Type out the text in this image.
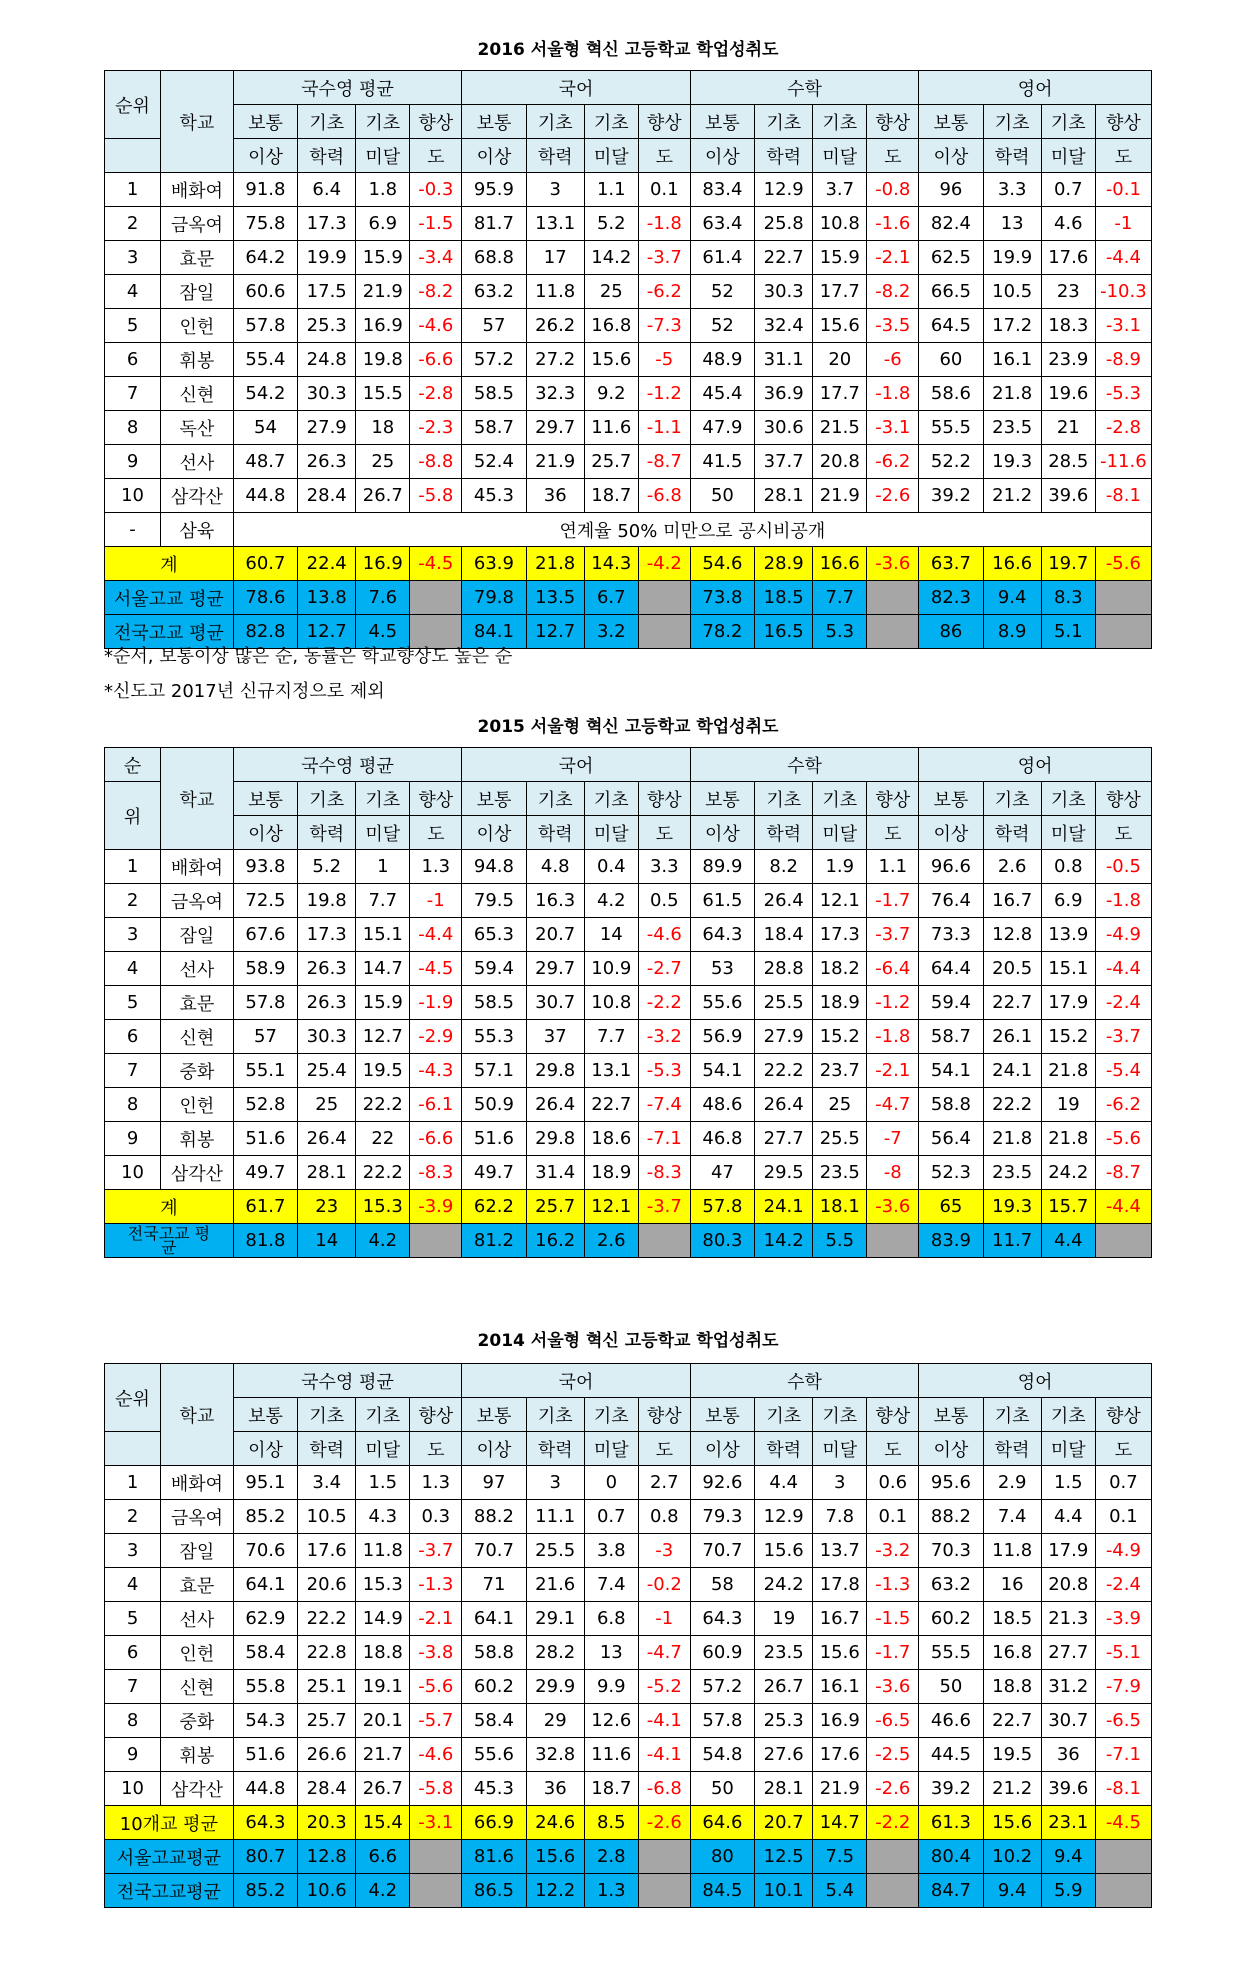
2016 서울형 혁신 고등학교 학업성취도
순위	학교	국수영 평균				국어				수학				영어			
		보통	기초	기초	향상	보통	기초	기초	향상	보통	기초	기초	향상	보통	기초	기초	향상
		이상	학력	미달	도	이상	학력	미달	도	이상	학력	미달	도	이상	학력	미달	도
1	배화여	91.8	6.4	1.8	-0.3	95.9	3	1.1	0.1	83.4	12.9	3.7	-0.8	96	3.3	0.7	-0.1
2	금옥여	75.8	17.3	6.9	-1.5	81.7	13.1	5.2	-1.8	63.4	25.8	10.8	-1.6	82.4	13	4.6	-1
3	효문	64.2	19.9	15.9	-3.4	68.8	17	14.2	-3.7	61.4	22.7	15.9	-2.1	62.5	19.9	17.6	-4.4
4	잠일	60.6	17.5	21.9	-8.2	63.2	11.8	25	-6.2	52	30.3	17.7	-8.2	66.5	10.5	23	-10.3
5	인헌	57.8	25.3	16.9	-4.6	57	26.2	16.8	-7.3	52	32.4	15.6	-3.5	64.5	17.2	18.3	-3.1
6	휘봉	55.4	24.8	19.8	-6.6	57.2	27.2	15.6	-5	48.9	31.1	20	-6	60	16.1	23.9	-8.9
7	신현	54.2	30.3	15.5	-2.8	58.5	32.3	9.2	-1.2	45.4	36.9	17.7	-1.8	58.6	21.8	19.6	-5.3
8	독산	54	27.9	18	-2.3	58.7	29.7	11.6	-1.1	47.9	30.6	21.5	-3.1	55.5	23.5	21	-2.8
9	선사	48.7	26.3	25	-8.8	52.4	21.9	25.7	-8.7	41.5	37.7	20.8	-6.2	52.2	19.3	28.5	-11.6
10	삼각산	44.8	28.4	26.7	-5.8	45.3	36	18.7	-6.8	50	28.1	21.9	-2.6	39.2	21.2	39.6	-8.1
-	삼육	연계율 50% 미만으로 공시비공개															
계		60.7	22.4	16.9	-4.5	63.9	21.8	14.3	-4.2	54.6	28.9	16.6	-3.6	63.7	16.6	19.7	-5.6
서울고교 평균		78.6	13.8	7.6		79.8	13.5	6.7		73.8	18.5	7.7		82.3	9.4	8.3	
전국고교 평균		82.8	12.7	4.5		84.1	12.7	3.2		78.2	16.5	5.3		86	8.9	5.1	
*순서, 보통이상 많은 순, 동률은 학교향상도 높은 순
*신도고 2017년 신규지정으로 제외
2015 서울형 혁신 고등학교 학업성취도
순	학교	국수영 평균				국어				수학				영어			
위		보통	기초	기초	향상	보통	기초	기초	향상	보통	기초	기초	향상	보통	기초	기초	향상
		이상	학력	미달	도	이상	학력	미달	도	이상	학력	미달	도	이상	학력	미달	도
1	배화여	93.8	5.2	1	1.3	94.8	4.8	0.4	3.3	89.9	8.2	1.9	1.1	96.6	2.6	0.8	-0.5
2	금옥여	72.5	19.8	7.7	-1	79.5	16.3	4.2	0.5	61.5	26.4	12.1	-1.7	76.4	16.7	6.9	-1.8
3	잠일	67.6	17.3	15.1	-4.4	65.3	20.7	14	-4.6	64.3	18.4	17.3	-3.7	73.3	12.8	13.9	-4.9
4	선사	58.9	26.3	14.7	-4.5	59.4	29.7	10.9	-2.7	53	28.8	18.2	-6.4	64.4	20.5	15.1	-4.4
5	효문	57.8	26.3	15.9	-1.9	58.5	30.7	10.8	-2.2	55.6	25.5	18.9	-1.2	59.4	22.7	17.9	-2.4
6	신현	57	30.3	12.7	-2.9	55.3	37	7.7	-3.2	56.9	27.9	15.2	-1.8	58.7	26.1	15.2	-3.7
7	중화	55.1	25.4	19.5	-4.3	57.1	29.8	13.1	-5.3	54.1	22.2	23.7	-2.1	54.1	24.1	21.8	-5.4
8	인헌	52.8	25	22.2	-6.1	50.9	26.4	22.7	-7.4	48.6	26.4	25	-4.7	58.8	22.2	19	-6.2
9	휘봉	51.6	26.4	22	-6.6	51.6	29.8	18.6	-7.1	46.8	27.7	25.5	-7	56.4	21.8	21.8	-5.6
10	삼각산	49.7	28.1	22.2	-8.3	49.7	31.4	18.9	-8.3	47	29.5	23.5	-8	52.3	23.5	24.2	-8.7
계		61.7	23	15.3	-3.9	62.2	25.7	12.1	-3.7	57.8	24.1	18.1	-3.6	65	19.3	15.7	-4.4

전국고교 평
균		81.8	14	4.2		81.2	16.2	2.6		80.3	14.2	5.5		83.9	11.7	4.4	
2014 서울형 혁신 고등학교 학업성취도
순위	학교	국수영 평균				국어				수학				영어			
		보통	기초	기초	향상	보통	기초	기초	향상	보통	기초	기초	향상	보통	기초	기초	향상
		이상	학력	미달	도	이상	학력	미달	도	이상	학력	미달	도	이상	학력	미달	도
1	배화여	95.1	3.4	1.5	1.3	97	3	0	2.7	92.6	4.4	3	0.6	95.6	2.9	1.5	0.7
2	금옥여	85.2	10.5	4.3	0.3	88.2	11.1	0.7	0.8	79.3	12.9	7.8	0.1	88.2	7.4	4.4	0.1
3	잠일	70.6	17.6	11.8	-3.7	70.7	25.5	3.8	-3	70.7	15.6	13.7	-3.2	70.3	11.8	17.9	-4.9
4	효문	64.1	20.6	15.3	-1.3	71	21.6	7.4	-0.2	58	24.2	17.8	-1.3	63.2	16	20.8	-2.4
5	선사	62.9	22.2	14.9	-2.1	64.1	29.1	6.8	-1	64.3	19	16.7	-1.5	60.2	18.5	21.3	-3.9
6	인헌	58.4	22.8	18.8	-3.8	58.8	28.2	13	-4.7	60.9	23.5	15.6	-1.7	55.5	16.8	27.7	-5.1
7	신현	55.8	25.1	19.1	-5.6	60.2	29.9	9.9	-5.2	57.2	26.7	16.1	-3.6	50	18.8	31.2	-7.9
8	중화	54.3	25.7	20.1	-5.7	58.4	29	12.6	-4.1	57.8	25.3	16.9	-6.5	46.6	22.7	30.7	-6.5
9	휘봉	51.6	26.6	21.7	-4.6	55.6	32.8	11.6	-4.1	54.8	27.6	17.6	-2.5	44.5	19.5	36	-7.1
10	삼각산	44.8	28.4	26.7	-5.8	45.3	36	18.7	-6.8	50	28.1	21.9	-2.6	39.2	21.2	39.6	-8.1
10개교 평균		64.3	20.3	15.4	-3.1	66.9	24.6	8.5	-2.6	64.6	20.7	14.7	-2.2	61.3	15.6	23.1	-4.5
서울고교평균		80.7	12.8	6.6		81.6	15.6	2.8		80	12.5	7.5		80.4	10.2	9.4	
전국고교평균		85.2	10.6	4.2		86.5	12.2	1.3		84.5	10.1	5.4		84.7	9.4	5.9	
